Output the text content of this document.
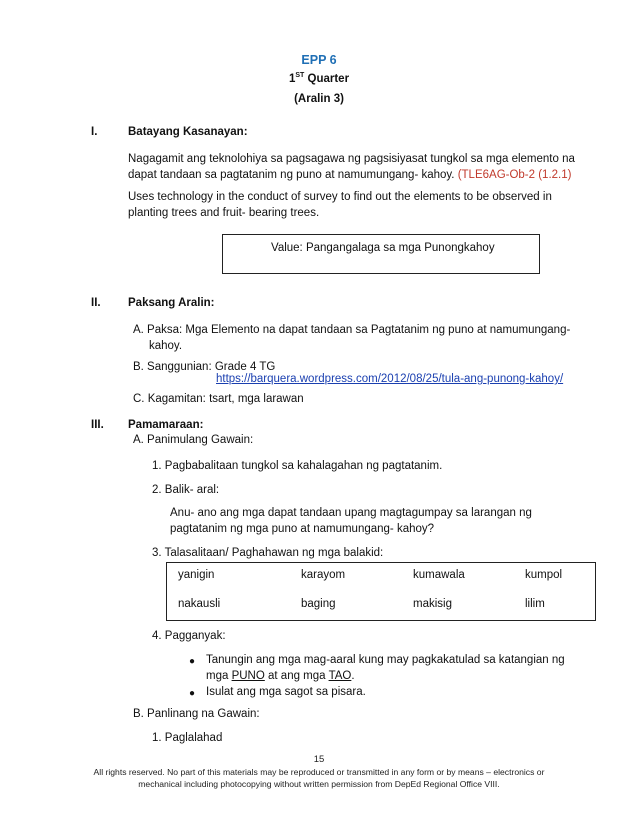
EPP 6
1ST Quarter
(Aralin 3)
I.	Batayang Kasanayan:
Nagagamit ang teknolohiya sa pagsagawa ng pagsisiyasat tungkol sa mga elemento na
dapat tandaan sa pagtatanim ng puno at namumungang- kahoy. (TLE6AG-Ob-2 (1.2.1)
Uses technology in the conduct of survey to find out the elements to be observed in
planting trees and fruit- bearing trees.
Value: Pangangalaga sa mga Punongkahoy
II. Paksang Aralin:
A. Paksa: Mga Elemento na dapat tandaan sa Pagtatanim ng puno at namumungang-
kahoy.
B. Sanggunian: Grade 4 TG
https://barquera.wordpress.com/2012/08/25/tula-ang-punong-kahoy/
C. Kagamitan: tsart, mga larawan
III. Pamamaraan:
A. Panimulang Gawain:
1. Pagbabalitaan tungkol sa kahalagahan ng pagtatanim.
2. Balik- aral:
Anu- ano ang mga dapat tandaan upang magtagumpay sa larangan ng
pagtatanim ng mga puno at namumungang- kahoy?
3. Talasalitaan/ Paghahawan ng mga balakid:
yanigin	karayom	kumawala	kumpol
nakausli	baging	makisig	lilim
4. Pagganyak:
● Tanungin ang mga mag-aaral kung may pagkakatulad sa katangian ng
mga PUNO at ang mga TAO.
● Isulat ang mga sagot sa pisara.
B. Panlinang na Gawain:
1. Paglalahad
15
All rights reserved. No part of this materials may be reproduced or transmitted in any form or by means – electronics or
mechanical including photocopying without written permission from DepEd Regional Office VIII.
